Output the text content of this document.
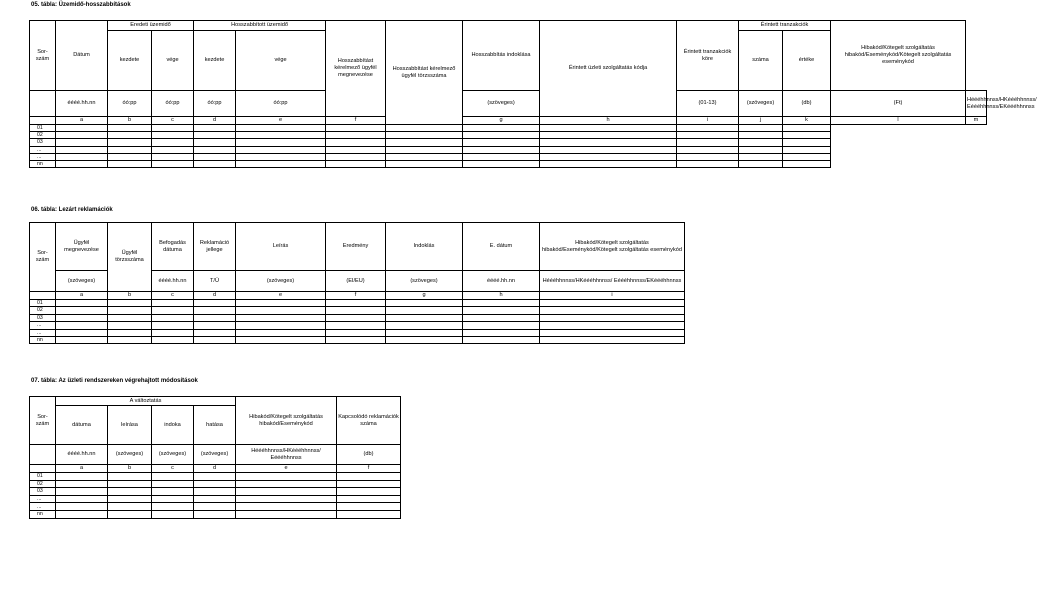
05. tábla: Üzemidő-hosszabbítások
Sor-szám	Dátum	Eredeti üzemidő		Hosszabbított üzemidő		Hosszabbítást kérelmező ügyfél megnevezése	Hosszabbítást kérelmező ügyfél törzsszáma	Hosszabbítás indoklása	Érintett üzleti szolgáltatás kódja	Érintett tranzakciók köre	Érintett tranzakciók		Hibakód/Kötegelt szolgáltatás hibakód/Eseménykód/Kötegelt szolgáltatás eseménykód	
		kezdete	vége	kezdete	vége						száma	értéke		
	éééé.hh.nn	óó:pp	óó:pp	óó:pp	óó:pp			(szöveges)		(01-13)	(szöveges)	(db)	(Ft)	Héééhhnnss/HKéééhhnnss/ Eéééhhnnss/EKéééhhnnss
	a	b	c	d	e	f		g	h	i	j	k	l	m
01														
02														
03														
...														
...														
nn														
06. tábla: Lezárt reklamációk
Sor-szám	Ügyfél megnevezése	Ügyfél törzsszáma	Befogadás dátuma	Reklamáció jellege	Leírás	Eredmény	Indoklás	E. dátum	Hibakód/Kötegelt szolgáltatás hibakód/Eseménykód/Kötegelt szolgáltatás eseménykód
	(szöveges)		éééé.hh.nn	T/Ü	(szöveges)	(EI/EU)	(szöveges)	éééé.hh.nn	Héééhhnnss/HKéééhhnnss/ Eéééhhnnss/EKéééhhnnss
	a	b	c	d	e	f	g	h	i
01									
02									
03									
...									
...									
nn									
07. tábla: Az üzleti rendszereken végrehajtott módosítások
Sor-szám	A változtatás				Hibakód/Kötegelt szolgáltatás hibakód/Eseménykód	Kapcsolódó reklamációk száma
	dátuma	leírása	indoka	hatása		
	éééé.hh.nn	(szöveges)	(szöveges)	(szöveges)	Héééhhnnss/HKéééhhnnss/ Eéééhhnnss	(db)
	a	b	c	d	e	f
01						
02						
03						
...						
...						
nn						
